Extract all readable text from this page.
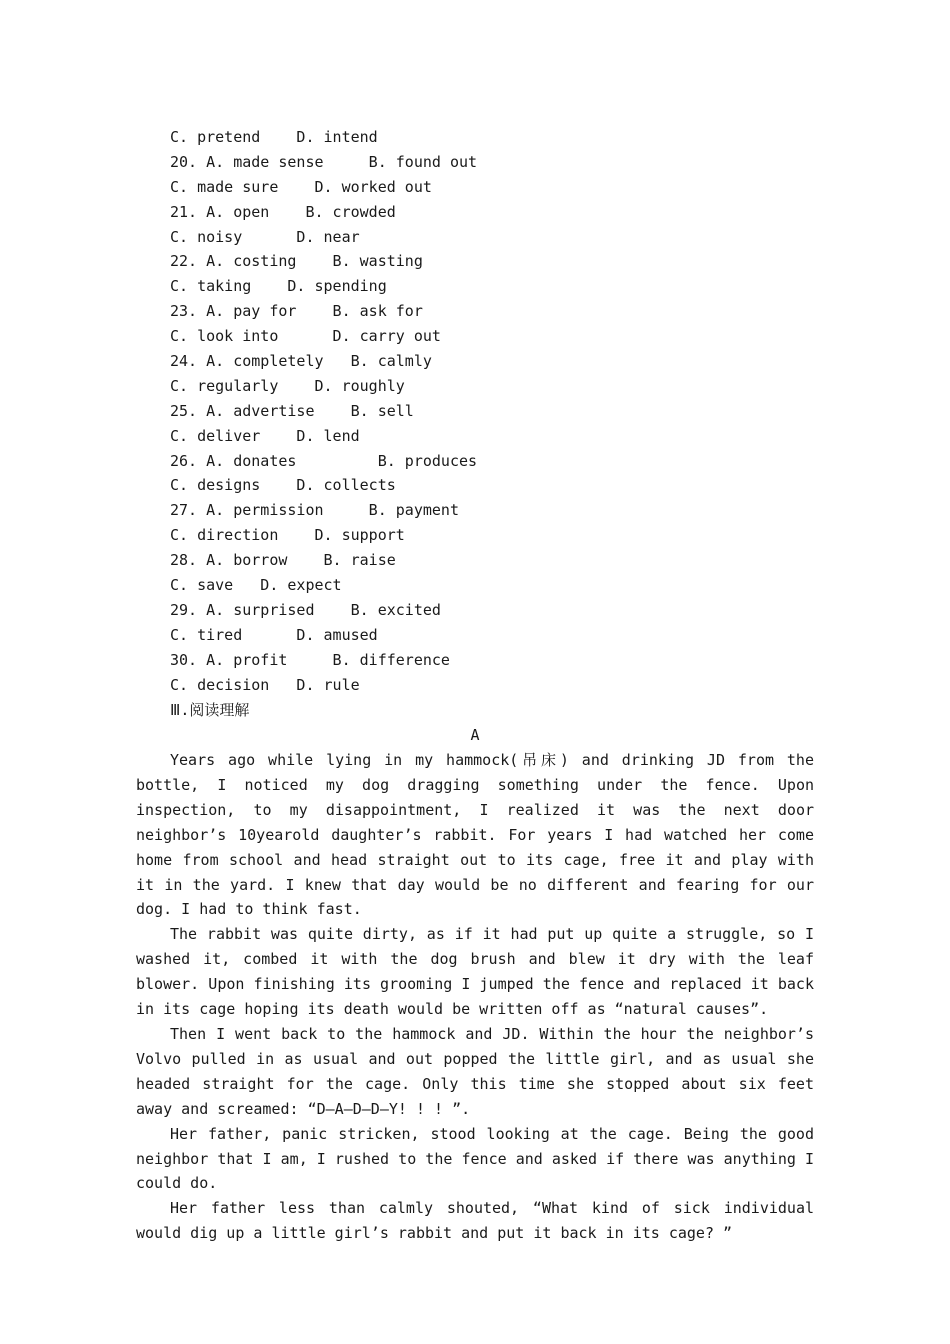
C. pretend    D. intend
20. A. made sense     B. found out
C. made sure    D. worked out
21. A. open    B. crowded
C. noisy      D. near
22. A. costing    B. wasting
C. taking    D. spending
23. A. pay for    B. ask for
C. look into      D. carry out
24. A. completely   B. calmly
C. regularly    D. roughly
25. A. advertise    B. sell
C. deliver    D. lend
26. A. donates         B. produces
C. designs    D. collects
27. A. permission     B. payment
C. direction    D. support
28. A. borrow    B. raise
C. save   D. expect
29. A. surprised    B. excited
C. tired      D. amused
30. A. profit     B. difference
C. decision   D. rule
Ⅲ.阅读理解
A

Years ago while lying in my hammock(吊床) and drinking JD from the bottle, I noticed my dog dragging something under the fence. Upon inspection, to my disappointment, I realized it was the next door neighbor’s 10yearold daughter’s rabbit. For years I had watched her come home from school and head straight out to its cage, free it and play with it in the yard. I knew that day would be no different and fearing for our dog. I had to think fast.

The rabbit was quite dirty, as if it had put up quite a struggle, so I washed it, combed it with the dog brush and blew it dry with the leaf blower. Upon finishing its grooming I jumped the fence and replaced it back in its cage hoping its death would be written off as “natural causes”.

Then I went back to the hammock and JD. Within the hour the neighbor’s Volvo pulled in as usual and out popped the little girl, and as usual she headed straight for the cage. Only this time she stopped about six feet away and screamed: “D—A—D—D—Y! ! ! ”.

Her father, panic stricken, stood looking at the cage. Being the good neighbor that I am, I rushed to the fence and asked if there was anything I could do.

Her father less than calmly shouted, “What kind of sick individual would dig up a little girl’s rabbit and put it back in its cage? ”
